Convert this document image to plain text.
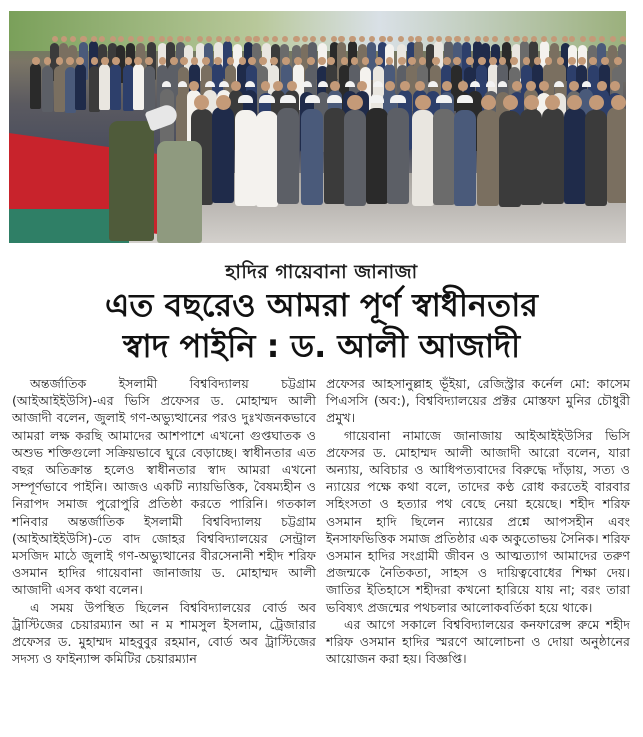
হাদির গায়েবানা জানাজা
এত বছরেও আমরা পূর্ণ স্বাধীনতার
স্বাদ পাইনি : ড. আলী আজাদী

অন্তর্জাতিক ইসলামী বিশ্ববিদ্যালয় চট্টগ্রাম (আইআইইউসি)-এর ভিসি প্রফেসর ড. মোহাম্মদ আলী আজাদী বলেন, জুলাই গণ-অভ্যুত্থানের পরও দুঃখজনকভাবে আমরা লক্ষ করছি আমাদের আশপাশে এখনো গুপ্তঘাতক ও অশুভ শক্তিগুলো সক্রিয়ভাবে ঘুরে বেড়াচ্ছে। স্বাধীনতার এত বছর অতিক্রান্ত হলেও স্বাধীনতার স্বাদ আমরা এখনো সম্পূর্ণভাবে পাইনি। আজও একটি ন্যায়ভিত্তিক, বৈষম্যহীন ও নিরাপদ সমাজ পুরোপুরি প্রতিষ্ঠা করতে পারিনি। গতকাল শনিবার অন্তর্জাতিক ইসলামী বিশ্ববিদ্যালয় চট্টগ্রাম (আইআইইউসি)-তে বাদ জোহর বিশ্ববিদ্যালয়ের সেন্ট্রাল মসজিদ মাঠে জুলাই গণ-অভ্যুত্থানের বীরসেনানী শহীদ শরিফ ওসমান হাদির গায়েবানা জানাজায় ড. মোহাম্মদ আলী আজাদী এসব কথা বলেন।

এ সময় উপস্থিত ছিলেন বিশ্ববিদ্যালয়ের বোর্ড অব ট্রাস্টিজের চেয়ারম্যান আ ন ম শামসুল ইসলাম, ট্রেজারার প্রফেসর ড. মুহাম্মদ মাহবুবুর রহমান, বোর্ড অব ট্রাস্টিজের সদস্য ও ফাইন্যান্স কমিটির চেয়ারম্যান

প্রফেসর আহসানুল্লাহ ভূঁইয়া, রেজিস্ট্রার কর্নেল মো: কাসেম পিএসসি (অব:), বিশ্ববিদ্যালয়ের প্রক্টর মোস্তফা মুনির চৌধুরী প্রমুখ।

গায়েবানা নামাজে জানাজায় আইআইইউসির ভিসি প্রফেসর ড. মোহাম্মদ আলী আজাদী আরো বলেন, যারা অন্যায়, অবিচার ও আধিপত্যবাদের বিরুদ্ধে দাঁড়ায়, সত্য ও ন্যায়ের পক্ষে কথা বলে, তাদের কণ্ঠ রোধ করতেই বারবার সহিংসতা ও হত্যার পথ বেছে নেয়া হয়েছে। শহীদ শরিফ ওসমান হাদি ছিলেন ন্যায়ের প্রশ্নে আপসহীন এবং ইনসাফভিত্তিক সমাজ প্রতিষ্ঠার এক অকুতোভয় সৈনিক। শরিফ ওসমান হাদির সংগ্রামী জীবন ও আত্মত্যাগ আমাদের তরুণ প্রজন্মকে নৈতিকতা, সাহস ও দায়িত্ববোধের শিক্ষা দেয়। জাতির ইতিহাসে শহীদরা কখনো হারিয়ে যায় না; বরং তারা ভবিষ্যৎ প্রজন্মের পথচলার আলোকবর্তিকা হয়ে থাকে।

এর আগে সকালে বিশ্ববিদ্যালয়ের কনফারেন্স রুমে শহীদ শরিফ ওসমান হাদির স্মরণে আলোচনা ও দোয়া অনুষ্ঠানের আয়োজন করা হয়। বিজ্ঞপ্তি।
